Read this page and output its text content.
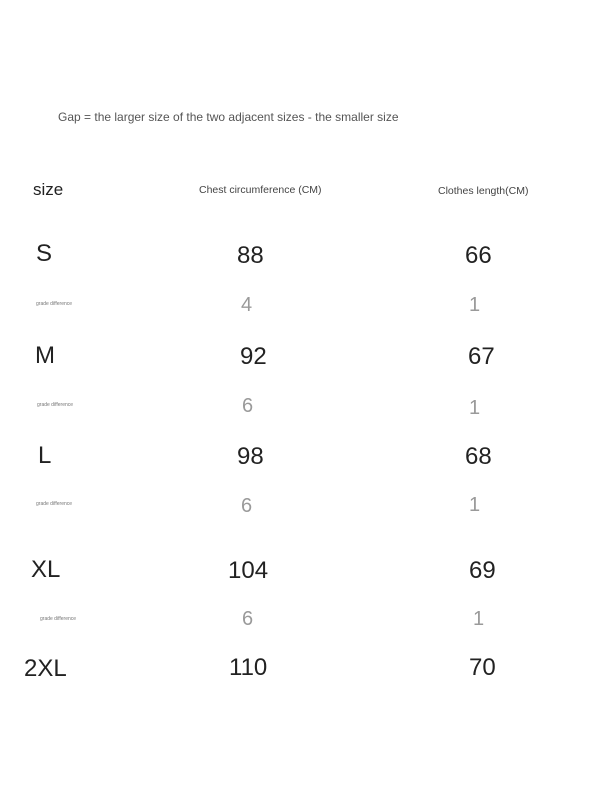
Gap = the larger size of the two adjacent sizes - the smaller size
size	Chest circumference (CM)	Clothes length(CM)
S	88	66
grade difference	4	1
M	92	67
grade difference	6	1
L	98	68
grade difference	6	1
XL	104	69
grade difference	6	1
2XL	110	70
